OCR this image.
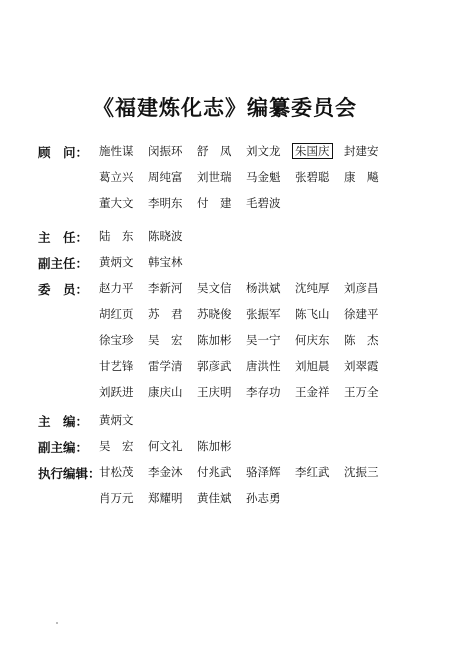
《福建炼化志》编纂委员会
顾　问： 施性谋 闵振环 舒　凤 刘文龙 朱国庆 封建安
葛立兴 周纯富 刘世瑞 马金魁 张碧聪 康　飚
董大文 李明东 付　建 毛碧波
主　任： 陆　东 陈晓波
副主任： 黄炳文 韩宝林
委　员： 赵力平 李新河 吴文信 杨洪斌 沈纯厚 刘彦昌
胡红页 苏　君 苏晓俊 张振军 陈飞山 徐建平
徐宝珍 吴　宏 陈加彬 吴一宁 何庆东 陈　杰
甘艺锋 雷学清 郭彦武 唐洪性 刘旭晨 刘翠霞
刘跃进 康庆山 王庆明 李存功 王金祥 王万全
主　编： 黄炳文
副主编： 吴　宏 何文礼 陈加彬
执行编辑：
甘松茂 李金沐 付兆武 骆泽辉 李红武 沈振三
肖万元 郑耀明 黄佳斌 孙志勇
